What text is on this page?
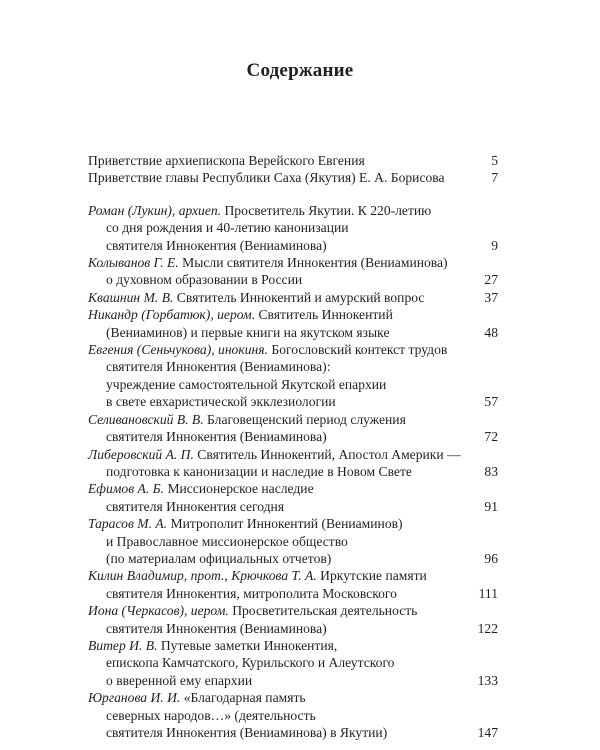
Содержание
Приветствие архиепископа Верейского Евгения	5
Приветствие главы Республики Саха (Якутия) Е. А. Борисова	7
Роман (Лукин), архиеп. Просветитель Якутии. К 220-летию
со дня рождения и 40-летию канонизации
святителя Иннокентия (Вениаминова)	9
Колыванов Г. Е. Мысли святителя Иннокентия (Вениаминова)
о духовном образовании в России	27
Квашнин М. В. Святитель Иннокентий и амурский вопрос	37
Никандр (Горбатюк), иером. Святитель Иннокентий
(Вениаминов) и первые книги на якутском языке	48
Евгения (Сеньчукова), инокиня. Богословский контекст трудов
святителя Иннокентия (Вениаминова):
учреждение самостоятельной Якутской епархии
в свете евхаристической экклезиологии	57
Селивановский В. В. Благовещенский период служения
святителя Иннокентия (Вениаминова)	72
Либеровский А. П. Святитель Иннокентий, Апостол Америки —
подготовка к канонизации и наследие в Новом Свете	83
Ефимов А. Б. Миссионерское наследие
святителя Иннокентия сегодня	91
Тарасов М. А. Митрополит Иннокентий (Вениаминов)
и Православное миссионерское общество
(по материалам официальных отчетов)	96
Килин Владимир, прот., Крючкова Т. А. Иркутские памяти
святителя Иннокентия, митрополита Московского	111
Иона (Черкасов), иером. Просветительская деятельность
святителя Иннокентия (Вениаминова)	122
Витер И. В. Путевые заметки Иннокентия,
епископа Камчатского, Курильского и Алеутского
о вверенной ему епархии	133
Юрганова И. И. «Благодарная память
северных народов…» (деятельность
святителя Иннокентия (Вениаминова) в Якутии)	147
